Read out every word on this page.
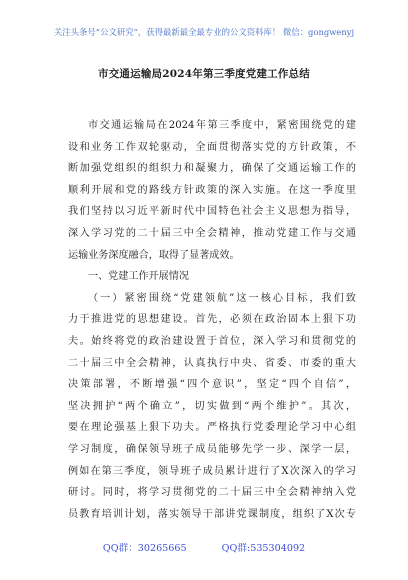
关注头条号“公文研究”，获得最新最全最专业的公文资料库！ 微信：gongwenyj
市交通运输局2024年第三季度党建工作总结
市交通运输局在2024年第三季度中，紧密围绕党的建
设和业务工作双轮驱动，全面贯彻落实党的方针政策，不
断加强党组织的组织力和凝聚力，确保了交通运输工作的
顺利开展和党的路线方针政策的深入实施。在这一季度里
我们坚持以习近平新时代中国特色社会主义思想为指导，
深入学习党的二十届三中全会精神，推动党建工作与交通
运输业务深度融合，取得了显著成效。
一、党建工作开展情况
（一）紧密围绕“党建领航”这一核心目标，我们致
力于推进党的思想建设。首先，必须在政治固本上狠下功
夫。始终将党的政治建设置于首位，深入学习和贯彻党的
二十届三中全会精神，认真执行中央、省委、市委的重大
决策部署，不断增强“四个意识”，坚定“四个自信”，
坚决拥护“两个确立”，切实做到“两个维护”。其次，
要在理论强基上狠下功夫。严格执行党委理论学习中心组
学习制度，确保领导班子成员能够先学一步、深学一层，
例如在第三季度，领导班子成员累计进行了X次深入的学习
研讨。同时，将学习贯彻党的二十届三中全会精神纳入党
员教育培训计划，落实领导干部讲党课制度，组织了X次专
QQ群：30265665	QQ群:535304092
